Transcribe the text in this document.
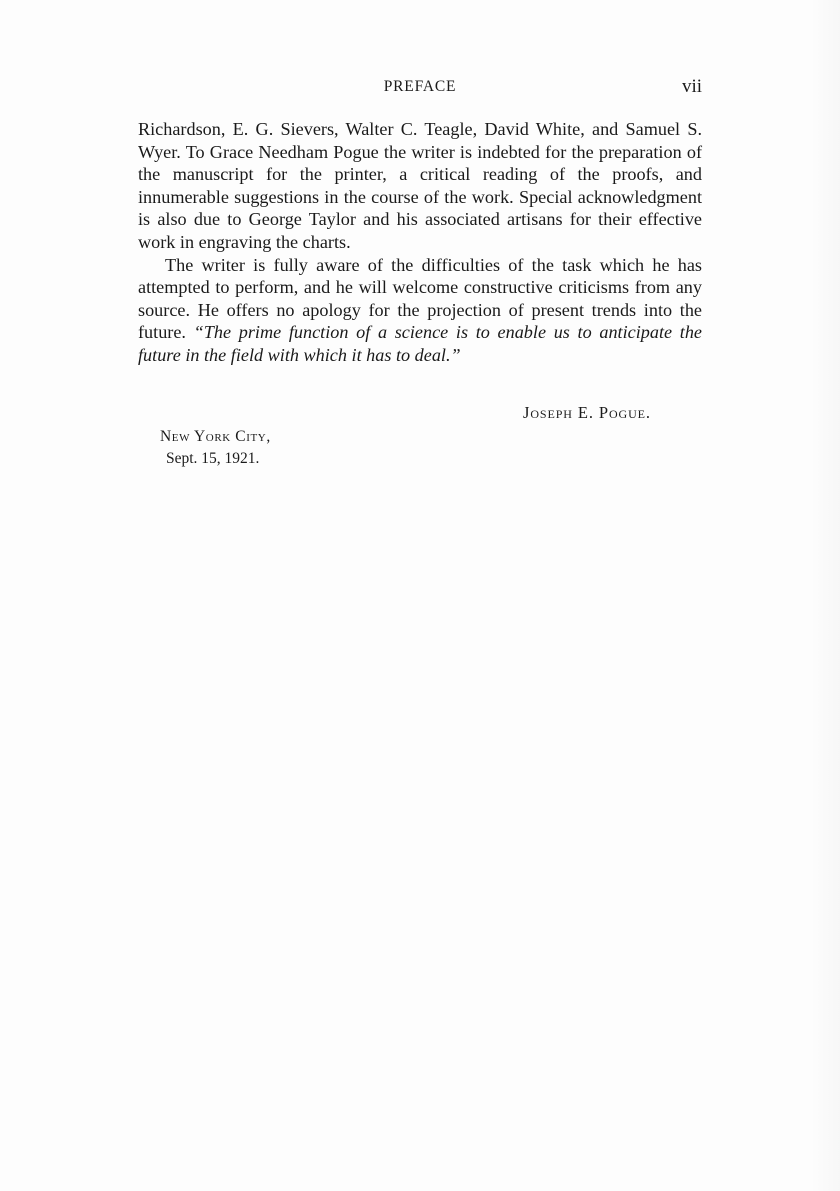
PREFACE	vii

Richardson, E. G. Sievers, Walter C. Teagle, David White, and Samuel S. Wyer. To Grace Needham Pogue the writer is indebted for the preparation of the manuscript for the printer, a critical reading of the proofs, and innumerable suggestions in the course of the work. Special acknowledgment is also due to George Taylor and his associated artisans for their effective work in engraving the charts.

The writer is fully aware of the difficulties of the task which he has attempted to perform, and he will welcome constructive criticisms from any source. He offers no apology for the projection of present trends into the future. “The prime function of a science is to enable us to anticipate the future in the field with which it has to deal.”

Joseph E. Pogue.
New York City,
Sept. 15, 1921.
